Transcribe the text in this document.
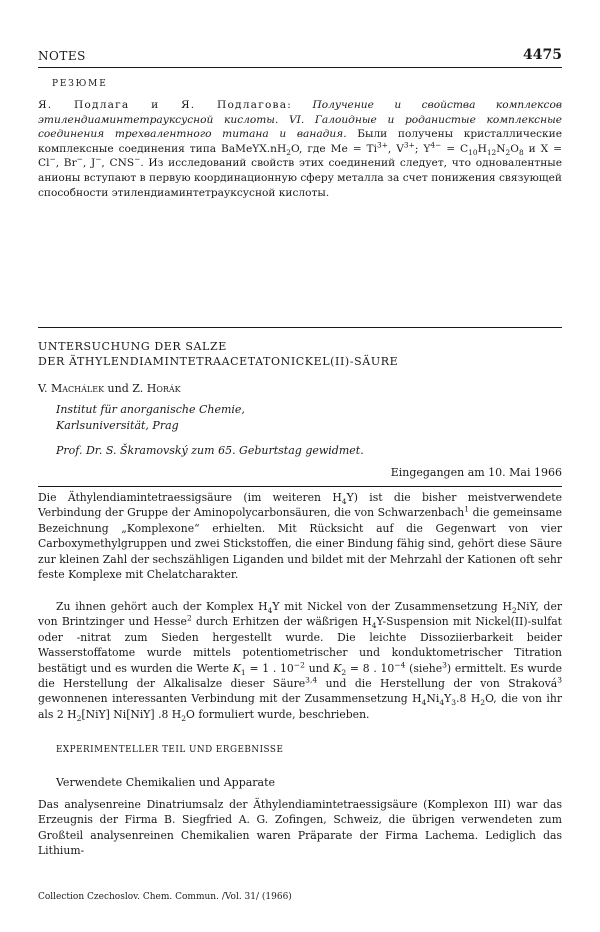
NOTES	4475
РЕЗЮМЕ
Я. Подлага и Я. Подлагова: Получение и свойства комплексов этилендиаминтетрауксусной кислоты. VI. Галоидные и роданистые комплексные соединения трехвалентного титана и ванадия. Были получены кристаллические комплексные соединения типа $BaMeYX.nH_2O$, где $Me = Ti^{3+}$, $V^{3+}$; $Y^{4-} = C_{10}H_{12}N_2O_8$ и X = Cl−, Br−, J−, CNS−. Из исследований свойств этих соединений следует, что одновалентные анионы вступают в первую координационную сферу металла за счет понижения связующей способности этилендиаминтетрауксусной кислоты.
UNTERSUCHUNG DER SALZE
DER ÄTHYLENDIAMINTETRAACETATONICKEL(II)-SÄURE
V. Machálek und Z. Horák
Institut für anorganische Chemie,
Karlsuniversität, Prag
Prof. Dr. S. Škramovský zum 65. Geburtstag gewidmet.
Eingegangen am 10. Mai 1966

Die Äthylendiamintetraessigsäure (im weiteren $H_4Y$) ist die bisher meistverwendete Verbindung der Gruppe der Aminopolycarbonsäuren, die von Schwarzenbach$^1$ die gemeinsame Bezeichnung „Komplexone“ erhielten. Mit Rücksicht auf die Gegenwart von vier Carboxymethylgruppen und zwei Stickstoffen, die einer Bindung fähig sind, gehört diese Säure zur kleinen Zahl der sechszähligen Liganden und bildet mit der Mehrzahl der Kationen oft sehr feste Komplexe mit Chelatcharakter.

Zu ihnen gehört auch der Komplex $H_4Y$ mit Nickel von der Zusammensetzung $H_2NiY$, der von Brintzinger und Hesse$^2$ durch Erhitzen der wäßrigen $H_4Y$-Suspension mit Nickel(II)-sulfat oder -nitrat zum Sieden hergestellt wurde. Die leichte Dissoziierbarkeit beider Wasserstoffatome wurde mittels potentiometrischer und konduktometrischer Titration bestätigt und es wurden die Werte $K_1 = 1$ . $10^{-2}$ und $K_2 = 8$ . $10^{-4}$ (siehe$^3$) ermittelt. Es wurde die Herstellung der Alkalisalze dieser Säure$^{3,4}$ und die Herstellung der von Straková$^3$ gewonnenen interessanten Verbindung mit der Zusammensetzung $H_4Ni_4Y_3.8$ $H_2O$, die von ihr als 2 $H_2[NiY]$ Ni[NiY] .8 $H_2O$ formuliert wurde, beschrieben.

EXPERIMENTELLER TEIL UND ERGEBNISSE
Verwendete Chemikalien und Apparate

Das analysenreine Dinatriumsalz der Äthylendiamintetraessigsäure (Komplexon III) war das Erzeugnis der Firma B. Siegfried A. G. Zofingen, Schweiz, die übrigen verwendeten zum Großteil analysenreinen Chemikalien waren Präparate der Firma Lachema. Lediglich das Lithium-

Collection Czechoslov. Chem. Commun. /Vol. 31/ (1966)
